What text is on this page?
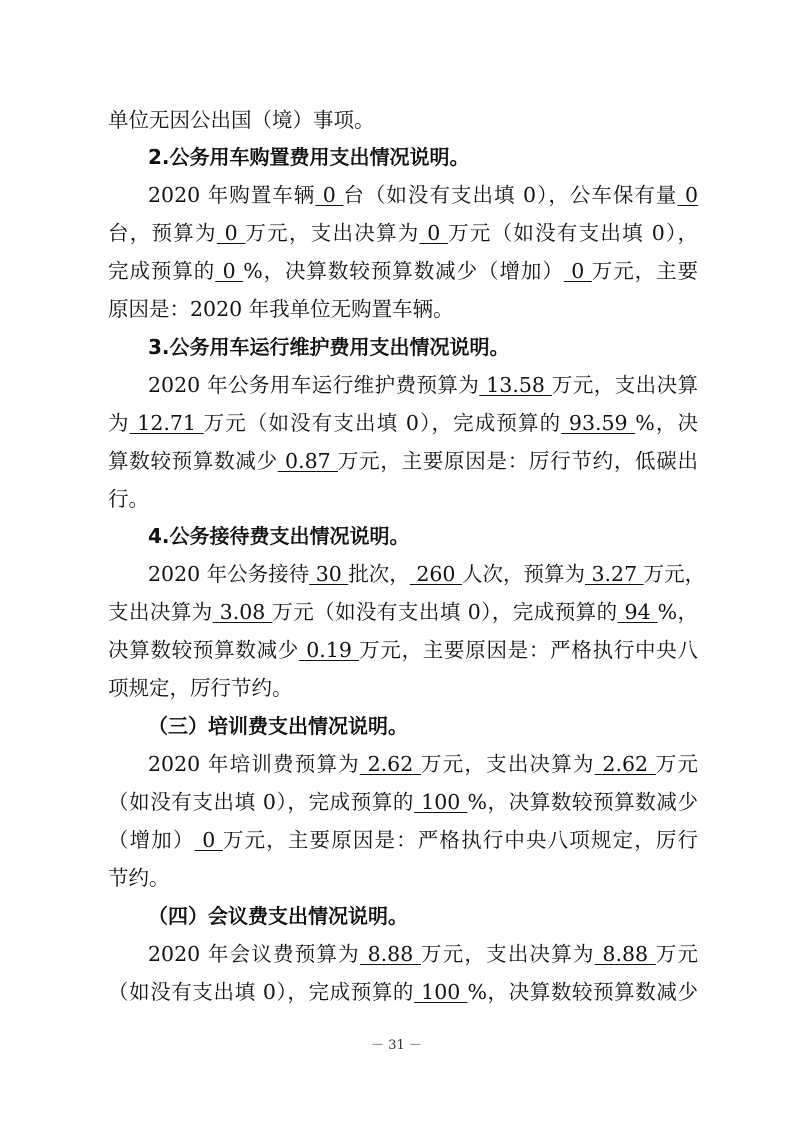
单位无因公出国（境）事项。
2.公务用车购置费用支出情况说明。
2020 年购置车辆 0 台（如没有支出填 0），公车保有量 0
台，预算为 0 万元，支出决算为 0 万元（如没有支出填 0），
完成预算的 0 %，决算数较预算数减少（增加） 0 万元，主要
原因是：2020 年我单位无购置车辆。
3.公务用车运行维护费用支出情况说明。
2020 年公务用车运行维护费预算为 13.58 万元，支出决算
为 12.71 万元（如没有支出填 0），完成预算的 93.59 %，决
算数较预算数减少 0.87 万元，主要原因是：厉行节约，低碳出
行。
4.公务接待费支出情况说明。
2020 年公务接待 30 批次， 260 人次，预算为 3.27 万元，
支出决算为 3.08 万元（如没有支出填 0），完成预算的 94 %，
决算数较预算数减少 0.19 万元，主要原因是：严格执行中央八
项规定，厉行节约。
（三）培训费支出情况说明。
2020 年培训费预算为 2.62 万元，支出决算为 2.62 万元
（如没有支出填 0），完成预算的 100 %，决算数较预算数减少
（增加） 0 万元，主要原因是：严格执行中央八项规定，厉行
节约。
（四）会议费支出情况说明。
2020 年会议费预算为 8.88 万元，支出决算为 8.88 万元
（如没有支出填 0），完成预算的 100 %，决算数较预算数减少
－ 31 －
